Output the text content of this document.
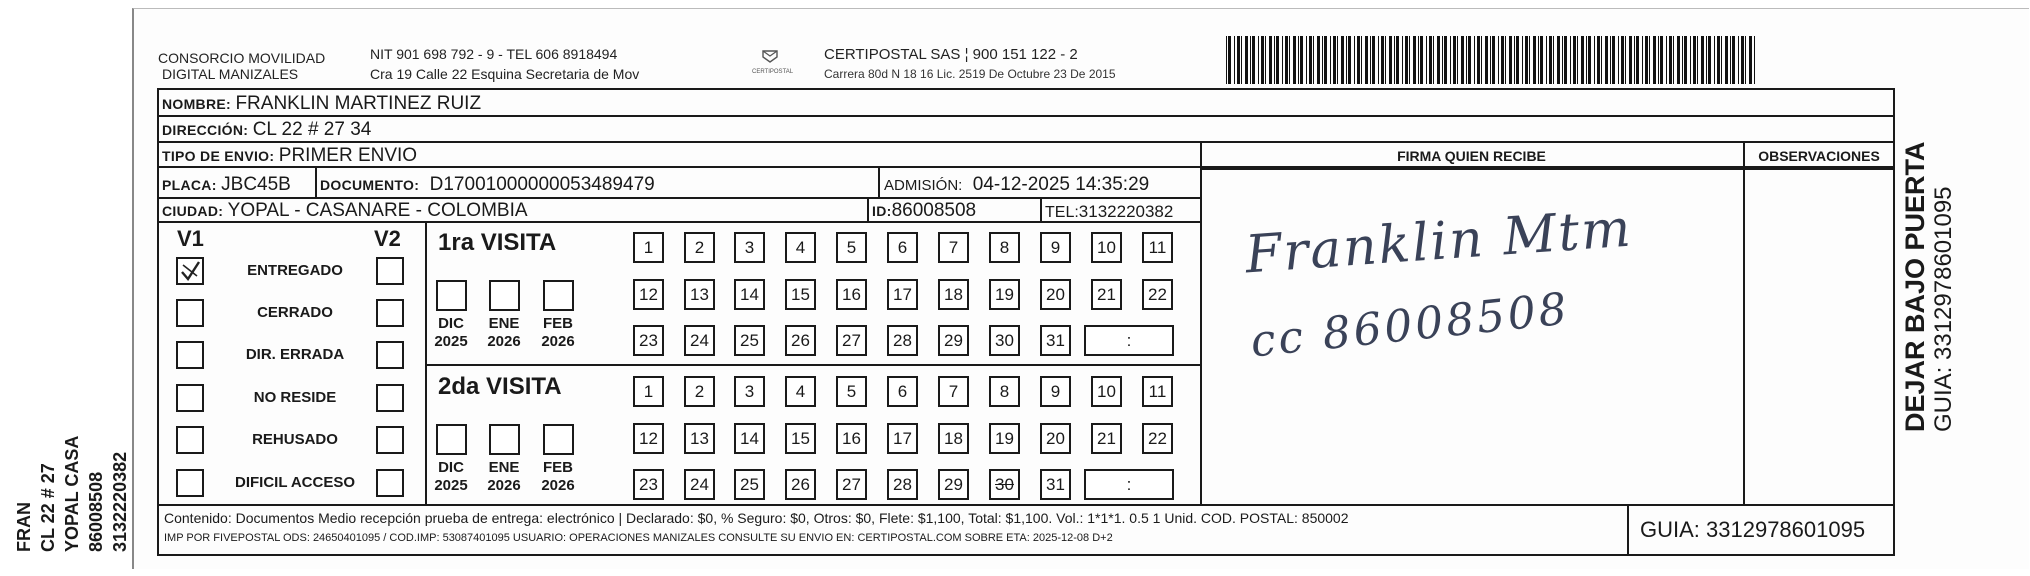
FRAN CL 22 # 27 YOPAL CASA 86008508 3132220382
CONSORCIO MOVILIDAD
DIGITAL MANIZALES
NIT 901 698 792 - 9 - TEL 606 8918494
Cra 19 Calle 22 Esquina Secretaria de Mov	CERTIPOSTAL
CERTIPOSTAL SAS ¦ 900 151 122 - 2
Carrera 80d N 18 16 Lic. 2519 De Octubre 23 De 2015
NOMBRE: FRANKLIN MARTINEZ RUIZ
DIRECCIÓN: CL 22 # 27 34
TIPO DE ENVIO: PRIMER ENVIO
PLACA: JBC45B DOCUMENTO: D17001000000053489479	ADMISIÓN: 04-12-2025 14:35:29
CIUDAD: YOPAL - CASANARE - COLOMBIA	ID:86008508	TEL:3132220382
FIRMA QUIEN RECIBE	OBSERVACIONES
Franklin Mtm
cc 86008508
V1	V2
ENTREGADO
CERRADO
DIR. ERRADA
NO RESIDE
REHUSADO
DIFICIL ACCESO
1ra VISITA
DIC
2025
ENE
2026
FEB
2026
1	2	3	4	5	6	7	8	9	10	11
12	13	14	15	16	17	18	19	20	21	22
23	24	25	26	27	28	29	30	31	:
2da VISITA
DIC
2025
ENE
2026
FEB
2026
1	2	3	4	5	6	7	8	9	10	11
12	13	14	15	16	17	18	19	20	21	22
23	24	25	26	27	28	29	30	31	:
Contenido: Documentos Medio recepción prueba de entrega: electrónico | Declarado: $0, % Seguro: $0, Otros: $0, Flete: $1,100, Total: $1,100. Vol.: 1*1*1. 0.5 1 Unid. COD. POSTAL: 850002
IMP POR FIVEPOSTAL ODS: 24650401095 / COD.IMP: 53087401095 USUARIO: OPERACIONES MANIZALES CONSULTE SU ENVIO EN: CERTIPOSTAL.COM SOBRE ETA: 2025-12-08 D+2	GUIA: 3312978601095
DEJAR BAJO PUERTA GUIA: 3312978601095
